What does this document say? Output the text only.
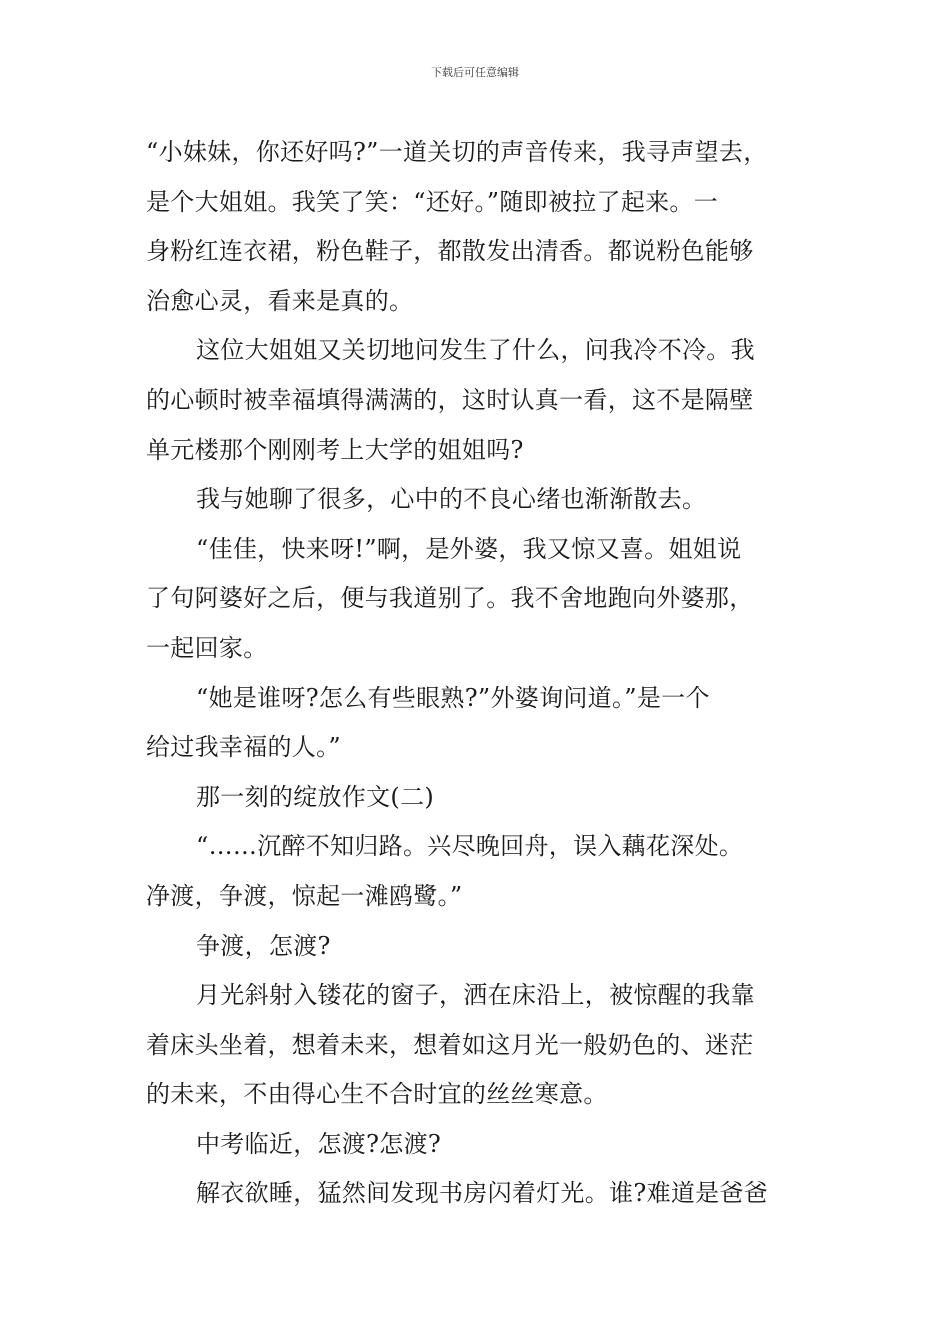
下载后可任意编辑
“小妹妹，你还好吗?”一道关切的声音传来，我寻声望去，
是个大姐姐。我笑了笑：“还好。”随即被拉了起来。一
身粉红连衣裙，粉色鞋子，都散发出清香。都说粉色能够
治愈心灵，看来是真的。
这位大姐姐又关切地问发生了什么，问我冷不冷。我
的心顿时被幸福填得满满的，这时认真一看，这不是隔壁
单元楼那个刚刚考上大学的姐姐吗?
我与她聊了很多，心中的不良心绪也渐渐散去。
“佳佳，快来呀!”啊，是外婆，我又惊又喜。姐姐说
了句阿婆好之后，便与我道别了。我不舍地跑向外婆那，
一起回家。
“她是谁呀?怎么有些眼熟?”外婆询问道。”是一个
给过我幸福的人。”
那一刻的绽放作文(二)
“……沉醉不知归路。兴尽晚回舟，误入藕花深处。
净渡，争渡，惊起一滩鸥鹭。”
争渡，怎渡?
月光斜射入镂花的窗子，洒在床沿上，被惊醒的我靠
着床头坐着，想着未来，想着如这月光一般奶色的、迷茫
的未来，不由得心生不合时宜的丝丝寒意。
中考临近，怎渡?怎渡?
解衣欲睡，猛然间发现书房闪着灯光。谁?难道是爸爸
